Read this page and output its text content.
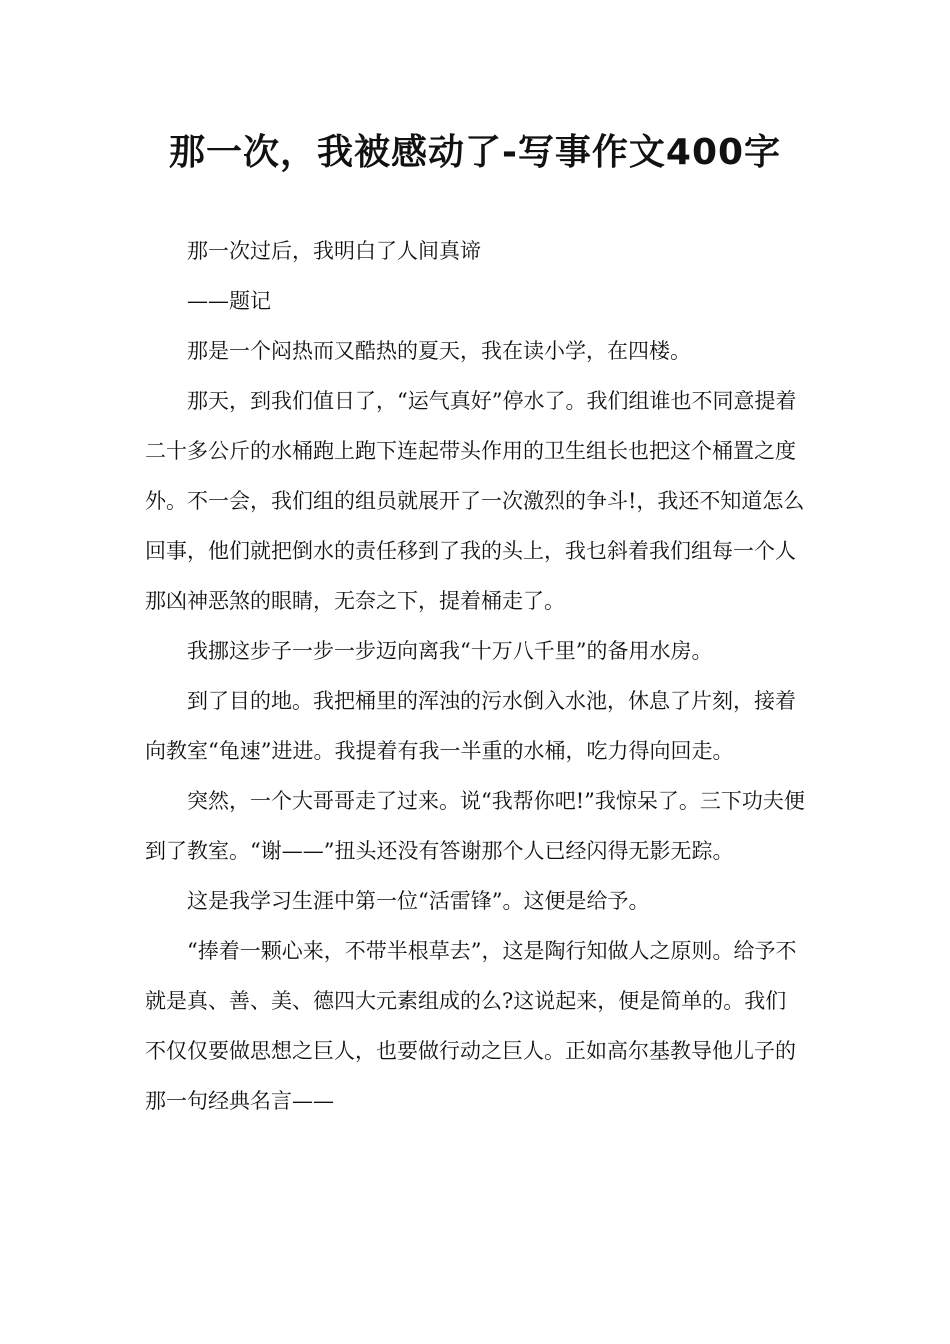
那一次，我被感动了-写事作文400字

那一次过后，我明白了人间真谛

——题记

那是一个闷热而又酷热的夏天，我在读小学，在四楼。

那天，到我们值日了，“运气真好”停水了。我们组谁也不同意提着二十多公斤的水桶跑上跑下连起带头作用的卫生组长也把这个桶置之度外。不一会，我们组的组员就展开了一次激烈的争斗!，我还不知道怎么回事，他们就把倒水的责任移到了我的头上，我乜斜着我们组每一个人那凶神恶煞的眼睛，无奈之下，提着桶走了。

我挪这步子一步一步迈向离我“十万八千里”的备用水房。

到了目的地。我把桶里的浑浊的污水倒入水池，休息了片刻，接着向教室“龟速”进进。我提着有我一半重的水桶，吃力得向回走。

突然，一个大哥哥走了过来。说“我帮你吧!”我惊呆了。三下功夫便到了教室。“谢——”扭头还没有答谢那个人已经闪得无影无踪。

这是我学习生涯中第一位“活雷锋”。这便是给予。

“捧着一颗心来，不带半根草去”，这是陶行知做人之原则。给予不就是真、善、美、德四大元素组成的么?这说起来，便是简单的。我们不仅仅要做思想之巨人，也要做行动之巨人。正如高尔基教导他儿子的那一句经典名言——
